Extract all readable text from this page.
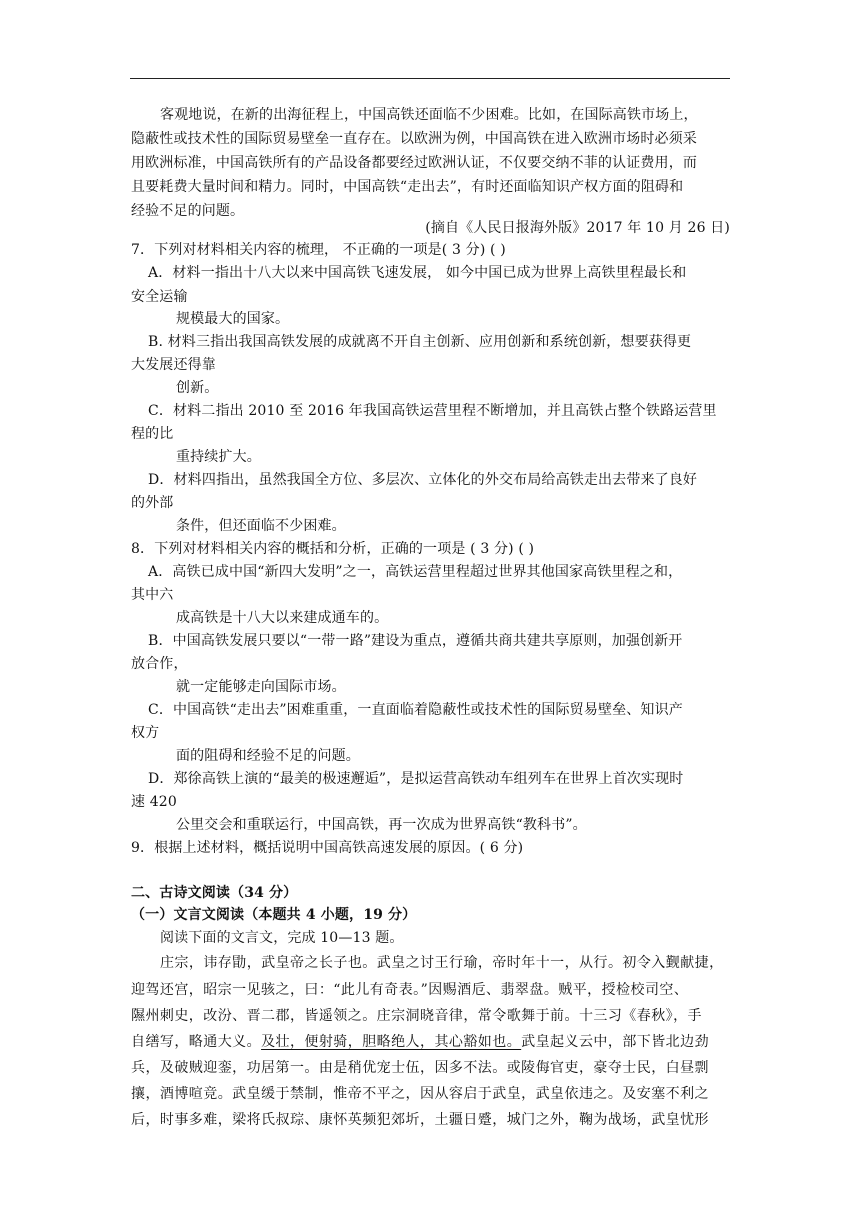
客观地说，在新的出海征程上，中国高铁还面临不少困难。比如，在国际高铁市场上，
隐蔽性或技术性的国际贸易壁垒一直存在。以欧洲为例，中国高铁在进入欧洲市场时必须采
用欧洲标准，中国高铁所有的产品设备都要经过欧洲认证，不仅要交纳不菲的认证费用，而
且要耗费大量时间和精力。同时，中国高铁“走出去”，有时还面临知识产权方面的阻碍和
经验不足的问题。
(摘自《人民日报海外版》2017 年 10 月 26 日)
7．下列对材料相关内容的梳理， 不正确的一项是( 3 分) ( )
A．材料一指出十八大以来中国高铁飞速发展， 如今中国已成为世界上高铁里程最长和
安全运输
规模最大的国家。
B. 材料三指出我国高铁发展的成就离不开自主创新、应用创新和系统创新，想要获得更
大发展还得靠
创新。
C．材料二指出 2010 至 2016 年我国高铁运营里程不断增加，并且高铁占整个铁路运营里
程的比
重持续扩大。
D．材料四指出，虽然我国全方位、多层次、立体化的外交布局给高铁走出去带来了良好
的外部
条件，但还面临不少困难。
8．下列对材料相关内容的概括和分析，正确的一项是 ( 3 分) ( )
A．高铁已成中国“新四大发明”之一，高铁运营里程超过世界其他国家高铁里程之和，
其中六
成高铁是十八大以来建成通车的。
B．中国高铁发展只要以“一带一路”建设为重点，遵循共商共建共享原则，加强创新开
放合作，
就一定能够走向国际市场。
C．中国高铁“走出去”困难重重，一直面临着隐蔽性或技术性的国际贸易壁垒、知识产
权方
面的阻碍和经验不足的问题。
D．郑徐高铁上演的“最美的极速邂逅”，是拟运营高铁动车组列车在世界上首次实现时
速 420
公里交会和重联运行，中国高铁，再一次成为世界高铁“教科书”。
9．根据上述材料，概括说明中国高铁高速发展的原因。( 6 分)
二、古诗文阅读（34 分）
（一）文言文阅读（本题共 4 小题，19 分）
阅读下面的文言文，完成 10—13 题。
庄宗，讳存勖，武皇帝之长子也。武皇之讨王行瑜，帝时年十一，从行。初令入觐献捷，
迎驾还宫，昭宗一见骇之，曰：“此儿有奇表。”因赐酒卮、翡翠盘。贼平，授检校司空、
隰州刺史，改汾、晋二郡，皆遥领之。庄宗洞晓音律，常令歌舞于前。十三习《春秋》，手
自缮写，略通大义。及壮，便射骑，胆略绝人，其心豁如也。武皇起义云中，部下皆北边劲
兵，及破贼迎銮，功居第一。由是稍优宠士伍，因多不法。或陵侮官吏，豪夺士民，白昼剽
攘，酒博喧竞。武皇缓于禁制，惟帝不平之，因从容启于武皇，武皇依违之。及安塞不利之
后，时事多难，梁将氏叔琮、康怀英频犯郊圻，土疆日蹙，城门之外，鞠为战场，武皇忧形
